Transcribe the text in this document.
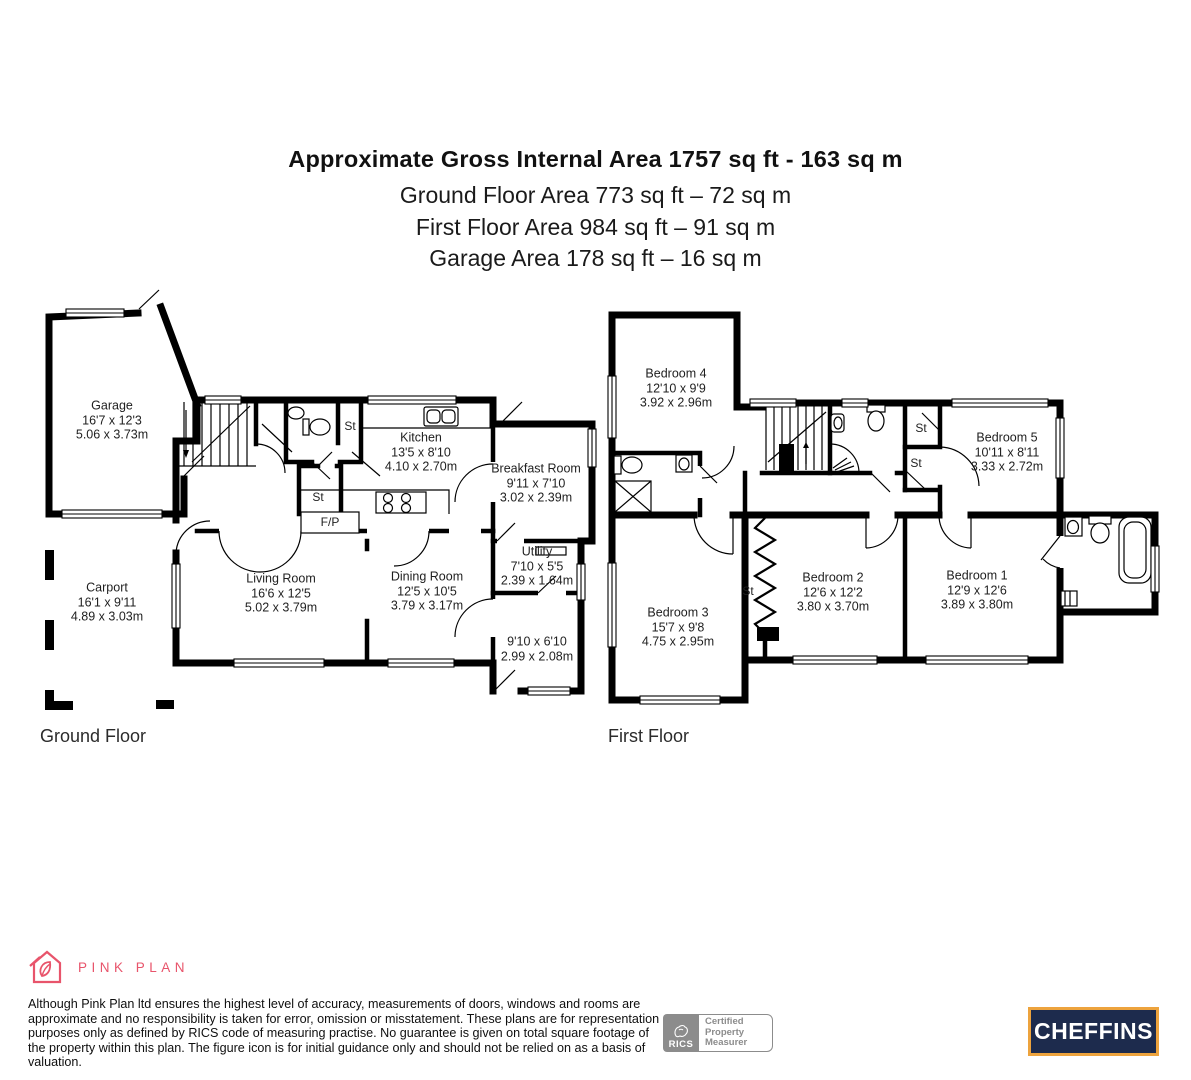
Approximate Gross Internal Area 1757 sq ft - 163 sq m
Ground Floor Area 773 sq ft – 72 sq m
First Floor Area 984 sq ft – 91 sq m
Garage Area 178 sq ft – 16 sq m
Garage
16'7 x 12'3
5.06 x 3.73m
Carport
16'1 x 9'11
4.89 x 3.03m
Living Room
16'6 x 12'5
5.02 x 3.79m
Dining Room
12'5 x 10'5
3.79 x 3.17m
Kitchen
13'5 x 8'10
4.10 x 2.70m	Breakfast Room
9'11 x 7'10
3.02 x 2.39m
Utility
7'10 x 5'5
2.39 x 1.64m
9'10 x 6'10
2.99 x 2.08m
St
St
F/P
Ground Floor
Bedroom 4
12'10 x 9'9
3.92 x 2.96m
Bedroom 5
10'11 x 8'11
3.33 x 2.72m
Bedroom 3
15'7 x 9'8
4.75 x 2.95m
Bedroom 2
12'6 x 12'2
3.80 x 3.70m
Bedroom 1
12'9 x 12'6
3.89 x 3.80m
St
St
St
First Floor
PINK PLAN
Although Pink Plan ltd ensures the highest level of accuracy, measurements of doors, windows and rooms are approximate and no responsibility is taken for error, omission or misstatement. These plans are for representation purposes only as defined by RICS code of measuring practise. No guarantee is given on total square footage of the property within this plan. The figure icon is for initial guidance only and should not be relied on as a basis of valuation.
RICS
Certified
Property
Measurer	CHEFFINS
